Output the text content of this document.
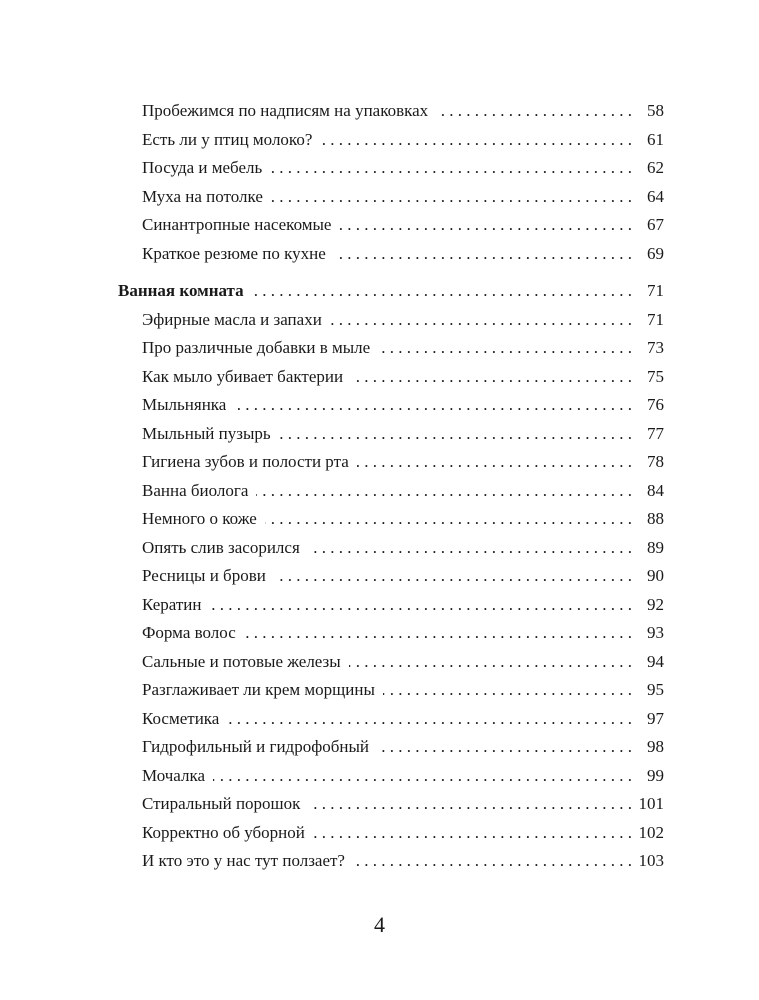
Пробежимся по надписям на упаковках . . .	58
Есть ли у птиц молоко? . . .	61
Посуда и мебель . . .	62
Муха на потолке . . .	64
Синантропные насекомые . . .	67
Краткое резюме по кухне . . .	69
Ванная комната . . .	71
Эфирные масла и запахи . . .	71
Про различные добавки в мыле . . .	73
Как мыло убивает бактерии . . .	75
Мыльнянка . . .	76
Мыльный пузырь . . .	77
Гигиена зубов и полости рта . . .	78
Ванна биолога . . .	84
Немного о коже . . .	88
Опять слив засорился . . .	89
Ресницы и брови . . .	90
Кератин . . .	92
Форма волос . . .	93
Сальные и потовые железы . . .	94
Разглаживает ли крем морщины . . .	95
Косметика . . .	97
Гидрофильный и гидрофобный . . .	98
Мочалка . . .	99
Стиральный порошок . . .	101
Корректно об уборной . . .	102
И кто это у нас тут ползает? . . .	103
4
